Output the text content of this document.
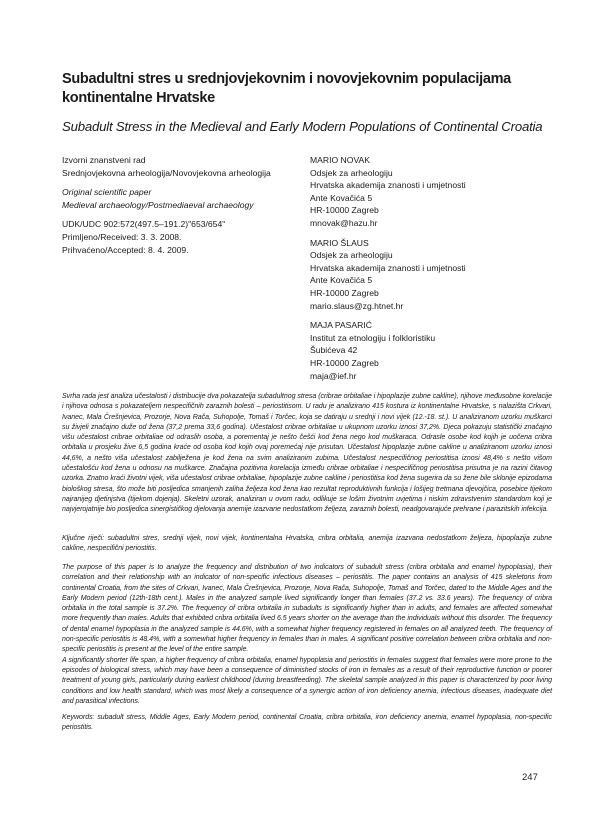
Subadultni stres u srednjovjekovnim i novovjekovnim populacijama kontinentalne Hrvatske
Subadult Stress in the Medieval and Early Modern Populations of Continental Croatia
Izvorni znanstveni rad
Srednjovjekovna arheologija/Novovjekovna arheologija
Original scientific paper
Medieval archaeology/Postmediaeval archaeology
UDK/UDC 902:572(497.5–191.2)"653/654"
Primljeno/Received: 3. 3. 2008.
Prihvaćeno/Accepted: 8. 4. 2009.
MARIO NOVAK
Odsjek za arheologiju
Hrvatska akademija znanosti i umjetnosti
Ante Kovačića 5
HR-10000 Zagreb
mnovak@hazu.hr
MARIO ŠLAUS
Odsjek za arheologiju
Hrvatska akademija znanosti i umjetnosti
Ante Kovačića 5
HR-10000 Zagreb
mario.slaus@zg.htnet.hr
MAJA PASARIĆ
Institut za etnologiju i folkloristiku
Šubićeva 42
HR-10000 Zagreb
maja@ief.hr
Svrha rada jest analiza učestalosti i distribucije dva pokazatelja subadultnog stresa (cribrae orbitaliae i hipoplazije zubne cakline), njihove međusobne korelacije i njihova odnosa s pokazateljem nespecifičnih zaraznih bolesti – periostitisom. U radu je analizirano 415 kostura iz kontinentalne Hrvatske, s nalazišta Crkvari, Ivanec, Mala Črešnjevica, Prozorje, Nova Rača, Suhopolje, Tomaš i Torčec, koja se datiraju u srednji i novi vijek (12.-18. st.). U analiziranom uzorku muškarci su živjeli značajno duže od žena (37,2 prema 33,6 godina). Učestalost cribrae orbitaliae u ukupnom uzorku iznosi 37,2%. Djeca pokazuju statistički značajno višu učestalost cribrae orbitaliae od odraslih osoba, a porementaj je nešto češći kod žena nego kod muškaraca. Odrasle osobe kod kojih je uočena cribra orbitalia u prosjeku žive 6,5 godina kraće od osoba kod kojih ovaj poremećaj nije prisutan. Učestalost hipoplazije zubne cakline u analiziranom uzorku iznosi 44,6%, a nešto viša učestalost zabilježena je kod žena na svim analiziranim zubima. Učestalost nespecifičnog periostitisa iznosi 48,4% s nešto višom učestalošću kod žena u odnosu na muškarce. Značajna pozitivna korelacija između cribrae orbitaliae i nespecifičnog periostitisa prisutna je na razini čitavog uzorka. Znatno kraći životni vijek, viša učestalost cribrae orbitaliae, hipoplazije zubne cakline i periostitisa kod žena sugerira da su žene bile sklonije epizodama biološkog stresa, što može biti posljedica smanjenih zaliha željeza kod žena kao rezultat reproduktivnih funkcija i lošijeg tretmana djevojčica, posebice tijekom najranijeg djetinjstva (tijekom dojenja). Skeletni uzorak, analiziran u ovom radu, odlikuje se lošim životnim uvjetima i niskim zdravstvenim standardom koji je najvjerojatnije bio posljedica sinergističkog djelovanja anemije izazvane nedostatkom željeza, zaraznih bolesti, neadgovarajuće prehrane i parazitskih infekcija.
Ključne riječi: subadultni stres, srednji vijek, novi vijek, kontinentalna Hrvatska, cribra orbitalia, anemija izazvana nedostatkom željeza, hipoplazija zubne cakline, nespecifični periostitis.

The purpose of this paper is to analyze the frequency and distribution of two indicators of subadult stress (cribra orbitalia and enamel hypoplasia), their correlation and their relationship with an indicator of non-specific infectious diseases – periostitis. The paper contains an analysis of 415 skeletons from continental Croatia, from the sites of Crkvari, Ivanec, Mala Črešnjevica, Prozorje, Nova Rača, Suhopolje, Tomaš and Torčec, dated to the Middle Ages and the Early Modern period (12th-18th cent.). Males in the analyzed sample lived significantly longer than females (37.2 vs. 33.6 years). The frequency of cribra orbitalia in the total sample is 37.2%. The frequency of cribra orbitalia in subadults is significantly higher than in adults, and females are affected somewhat more frequently than males. Adults that exhibited cribra orbitalia lived 6.5 years shorter on the average than the individuals without this disorder. The frequency of dental enamel hypoplasia in the analyzed sample is 44.6%, with a somewhat higher frequency registered in females on all analyzed teeth. The frequency of non-specific periostitis is 48.4%, with a somewhat higher frequency in females than in males. A significant positive correlation between cribra orbitalia and non-specific periostitis is present at the level of the entire sample.

A significantly shorter life span, a higher frequency of cribra orbitalia, enamel hypoplasia and periostitis in females suggest that females were more prone to the episodes of biological stress, which may have been a consequence of diminished stocks of iron in females as a result of their reproductive function or poorer treatment of young girls, particularly during earliest childhood (during breastfeeding). The skeletal sample analyzed in this paper is characterized by poor living conditions and low health standard, which was most likely a consequence of a synergic action of iron deficiency anemia, infectious diseases, inadequate diet and parasitical infections.

Keywords: subadult stress, Middle Ages, Early Modern period, continental Croatia, cribra orbitalia, iron deficiency anemia, enamel hypoplasia, non-specific periostitis.
247
